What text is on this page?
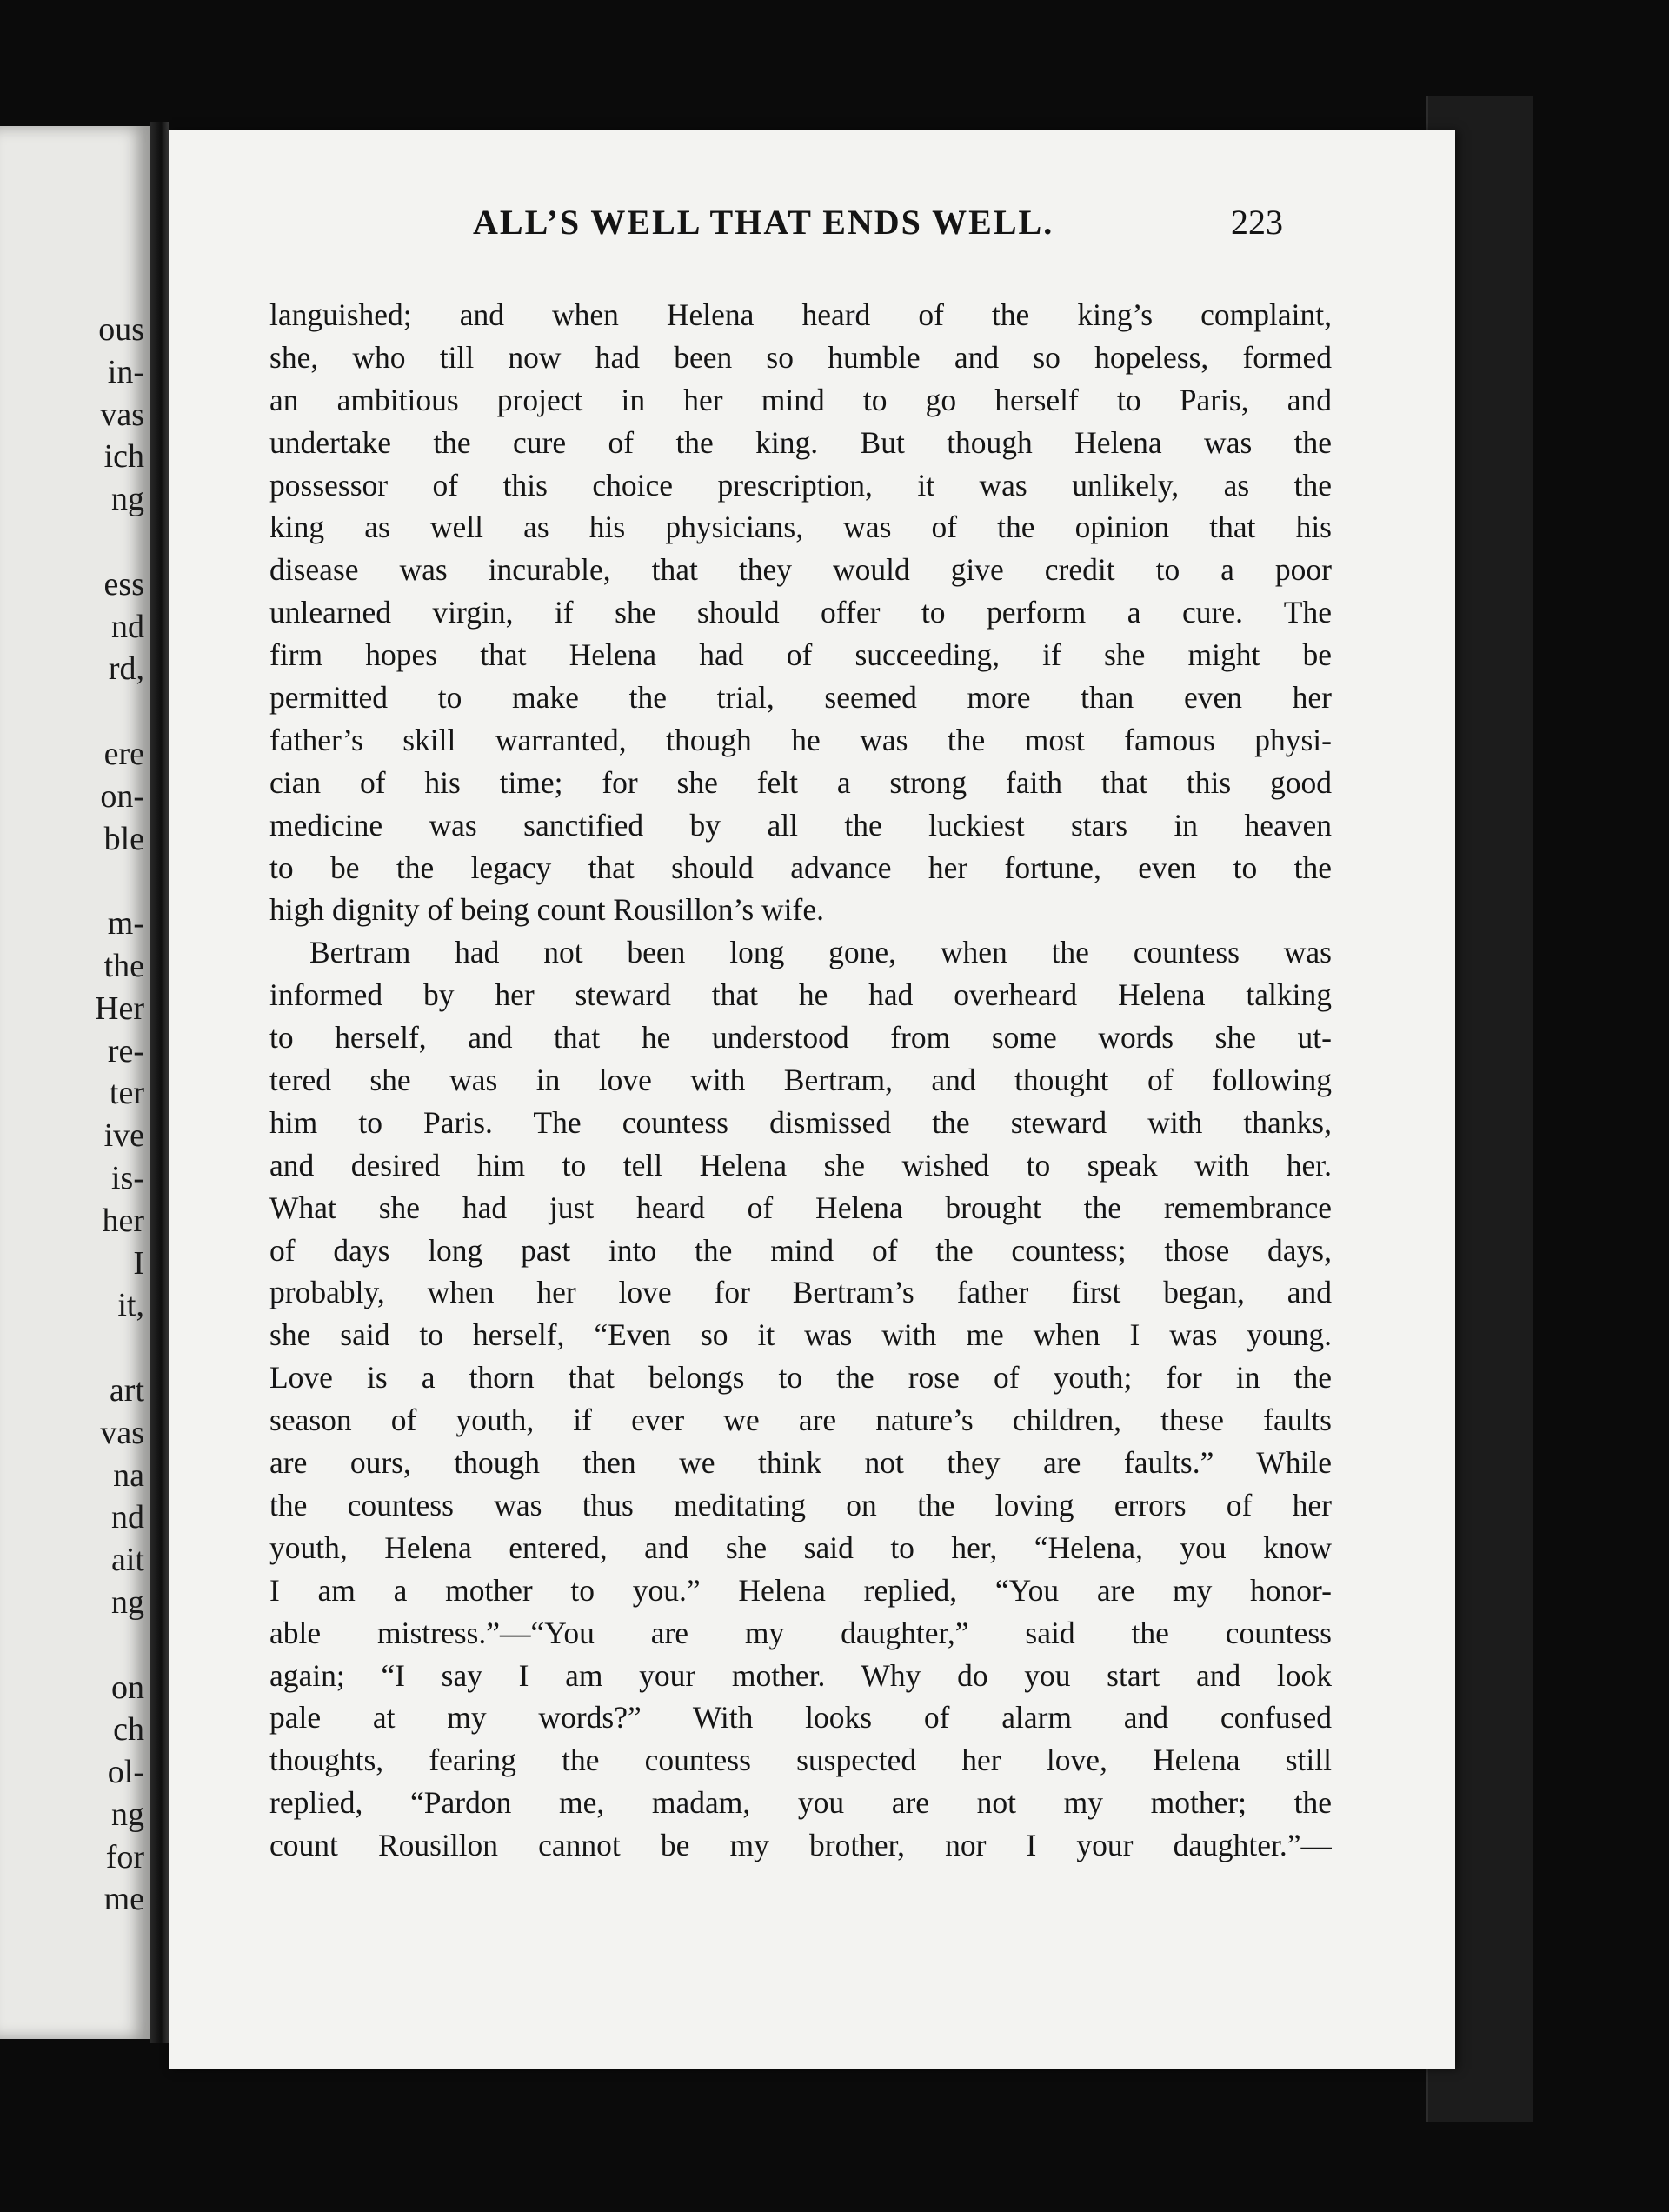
ous
in-
vas
ich
ng
ess
nd
rd,
ere
on-
ble
m-
the
Her
re-
ter
ive
is-
her
I
it,
art
vas
na
nd
ait
ng
on
ch
ol-
ng
for
me
ALL’S WELL THAT ENDS WELL.	223
languished; and when Helena heard of the king’s complaint,
she, who till now had been so humble and so hopeless, formed
an ambitious project in her mind to go herself to Paris, and
undertake the cure of the king. But though Helena was the
possessor of this choice prescription, it was unlikely, as the
king as well as his physicians, was of the opinion that his
disease was incurable, that they would give credit to a poor
unlearned virgin, if she should offer to perform a cure. The
firm hopes that Helena had of succeeding, if she might be
permitted to make the trial, seemed more than even her
father’s skill warranted, though he was the most famous physi-
cian of his time; for she felt a strong faith that this good
medicine was sanctified by all the luckiest stars in heaven
to be the legacy that should advance her fortune, even to the
high dignity of being count Rousillon’s wife.
Bertram had not been long gone, when the countess was
informed by her steward that he had overheard Helena talking
to herself, and that he understood from some words she ut-
tered she was in love with Bertram, and thought of following
him to Paris. The countess dismissed the steward with thanks,
and desired him to tell Helena she wished to speak with her.
What she had just heard of Helena brought the remembrance
of days long past into the mind of the countess; those days,
probably, when her love for Bertram’s father first began, and
she said to herself, “Even so it was with me when I was young.
Love is a thorn that belongs to the rose of youth; for in the
season of youth, if ever we are nature’s children, these faults
are ours, though then we think not they are faults.” While
the countess was thus meditating on the loving errors of her
youth, Helena entered, and she said to her, “Helena, you know
I am a mother to you.” Helena replied, “You are my honor-
able mistress.”—“You are my daughter,” said the countess
again; “I say I am your mother. Why do you start and look
pale at my words?” With looks of alarm and confused
thoughts, fearing the countess suspected her love, Helena still
replied, “Pardon me, madam, you are not my mother; the
count Rousillon cannot be my brother, nor I your daughter.”—
